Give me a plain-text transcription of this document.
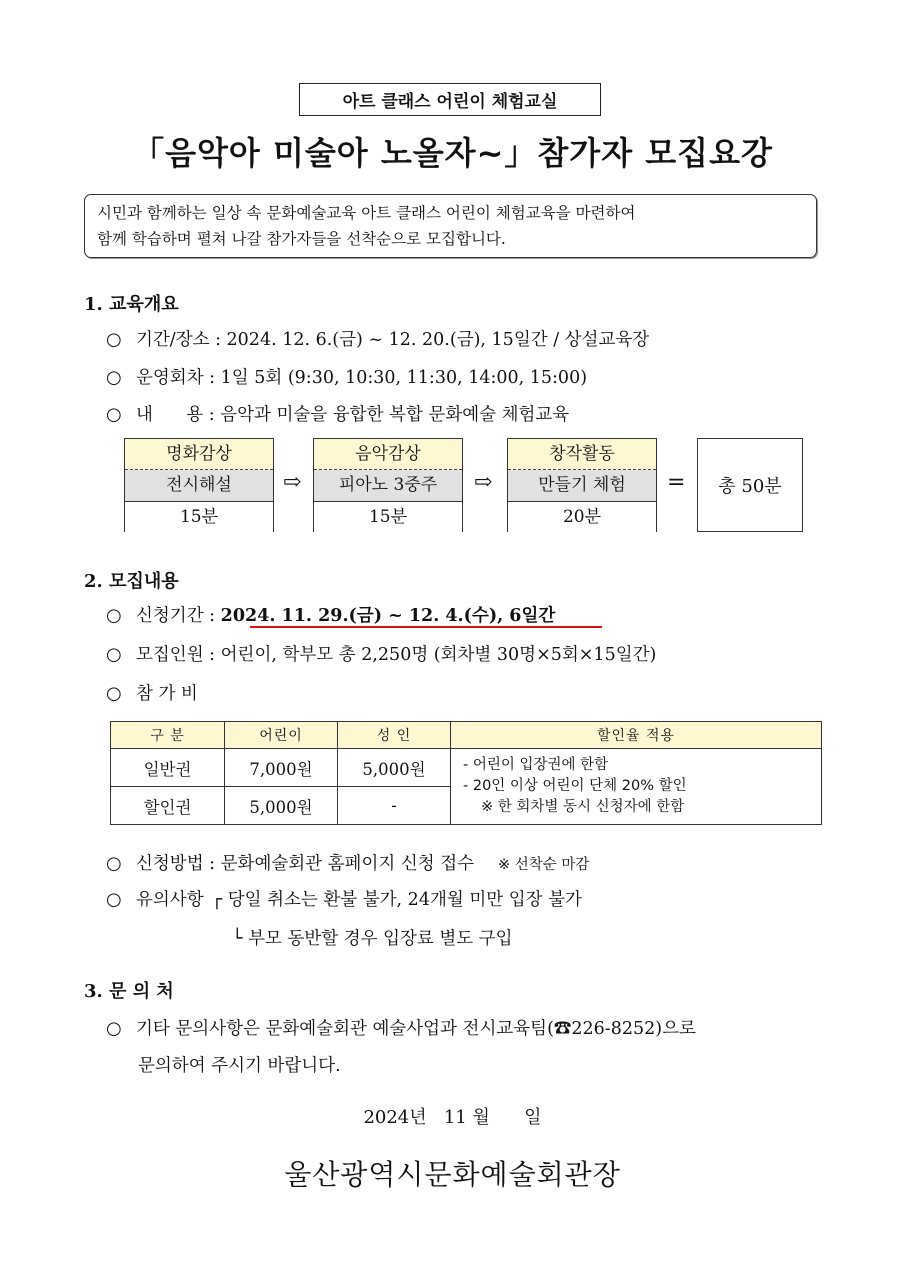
아트 클래스 어린이 체험교실
「음악아 미술아 노올자~」참가자 모집요강
시민과 함께하는 일상 속 문화예술교육 아트 클래스 어린이 체험교육을 마련하여
함께 학습하며 펼쳐 나갈 참가자들을 선착순으로 모집합니다.
1. 교육개요
○ 기간/장소 : 2024. 12. 6.(금) ~ 12. 20.(금), 15일간 / 상설교육장
○ 운영회차 : 1일 5회 (9:30, 10:30, 11:30, 14:00, 15:00)
○ 내      용 : 음악과 미술을 융합한 복합 문화예술 체험교육
명화감상
전시해설
15분
⇨
음악감상
피아노 3중주
15분
⇨
창작활동
만들기 체험
20분
=	총 50분
2. 모집내용
○ 신청기간 : 2024. 11. 29.(금) ~ 12. 4.(수), 6일간
○ 모집인원 : 어린이, 학부모 총 2,250명 (회차별 30명×5회×15일간)
○ 참 가 비
구 분	어린이	성 인	할인율 적용
일반권	7,000원	5,000원	- 어린이 입장권에 한함
- 20인 이상 어린이 단체 20% 할인
※ 한 회차별 동시 신청자에 한함

할인권	5,000원	-	
○ 신청방법 : 문화예술회관 홈페이지 신청 접수 ※ 선착순 마감
○ 유의사항 ┌ 당일 취소는 환불 불가, 24개월 미만 입장 불가
└ 부모 동반할 경우 입장료 별도 구입
3. 문 의 처
○ 기타 문의사항은 문화예술회관 예술사업과 전시교육팀(☎226-8252)으로
문의하여 주시기 바랍니다.
2024년   11 월      일
울산광역시문화예술회관장
